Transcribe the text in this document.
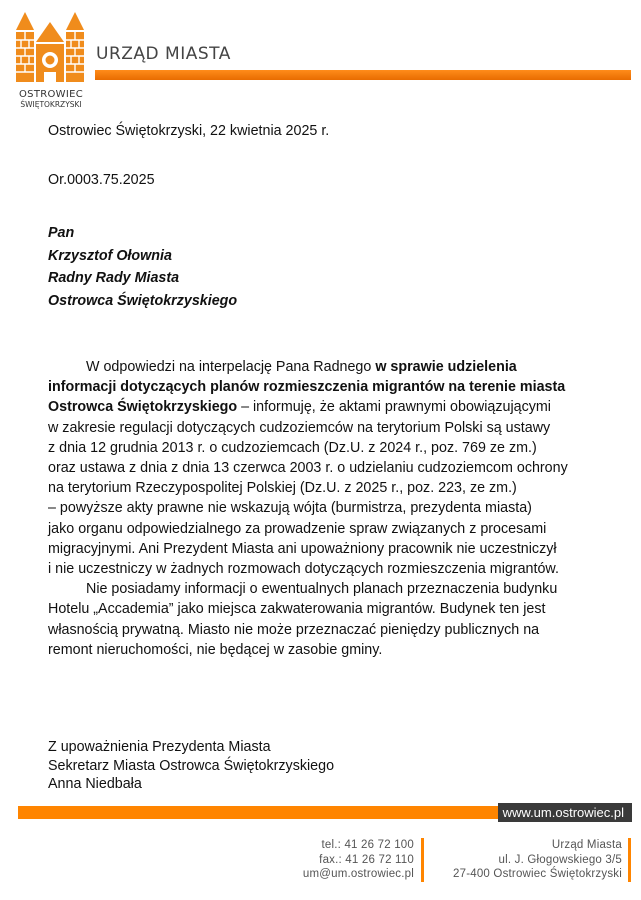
OSTROWIEC
ŚWIĘTOKRZYSKI
URZĄD MIASTA
Ostrowiec Świętokrzyski, 22 kwietnia 2025 r.
Or.0003.75.2025
Pan
Krzysztof Ołownia
Radny Rady Miasta
Ostrowca Świętokrzyskiego

W odpowiedzi na interpelację Pana Radnego w sprawie udzielenia
informacji dotyczących planów rozmieszczenia migrantów na terenie miasta
Ostrowca Świętokrzyskiego – informuję, że aktami prawnymi obowiązującymi
w zakresie regulacji dotyczących cudzoziemców na terytorium Polski są ustawy
z dnia 12 grudnia 2013 r. o cudzoziemcach (Dz.U. z 2024 r., poz. 769 ze zm.)
oraz ustawa z dnia z dnia 13 czerwca 2003 r. o udzielaniu cudzoziemcom ochrony
na terytorium Rzeczypospolitej Polskiej (Dz.U. z 2025 r., poz. 223, ze zm.)
– powyższe akty prawne nie wskazują wójta (burmistrza, prezydenta miasta)
jako organu odpowiedzialnego za prowadzenie spraw związanych z procesami
migracyjnymi. Ani Prezydent Miasta ani upoważniony pracownik nie uczestniczył
i nie uczestniczy w żadnych rozmowach dotyczących rozmieszczenia migrantów.

Nie posiadamy informacji o ewentualnych planach przeznaczenia budynku
Hotelu „Accademia” jako miejsca zakwaterowania migrantów. Budynek ten jest
własnością prywatną. Miasto nie może przeznaczać pieniędzy publicznych na
remont nieruchomości, nie będącej w zasobie gminy.

Z upoważnienia Prezydenta Miasta
Sekretarz Miasta Ostrowca Świętokrzyskiego
Anna Niedbała
www.um.ostrowiec.pl
tel.: 41 26 72 100
fax.: 41 26 72 110
um@um.ostrowiec.pl
Urząd Miasta
ul. J. Głogowskiego 3/5
27-400 Ostrowiec Świętokrzyski
